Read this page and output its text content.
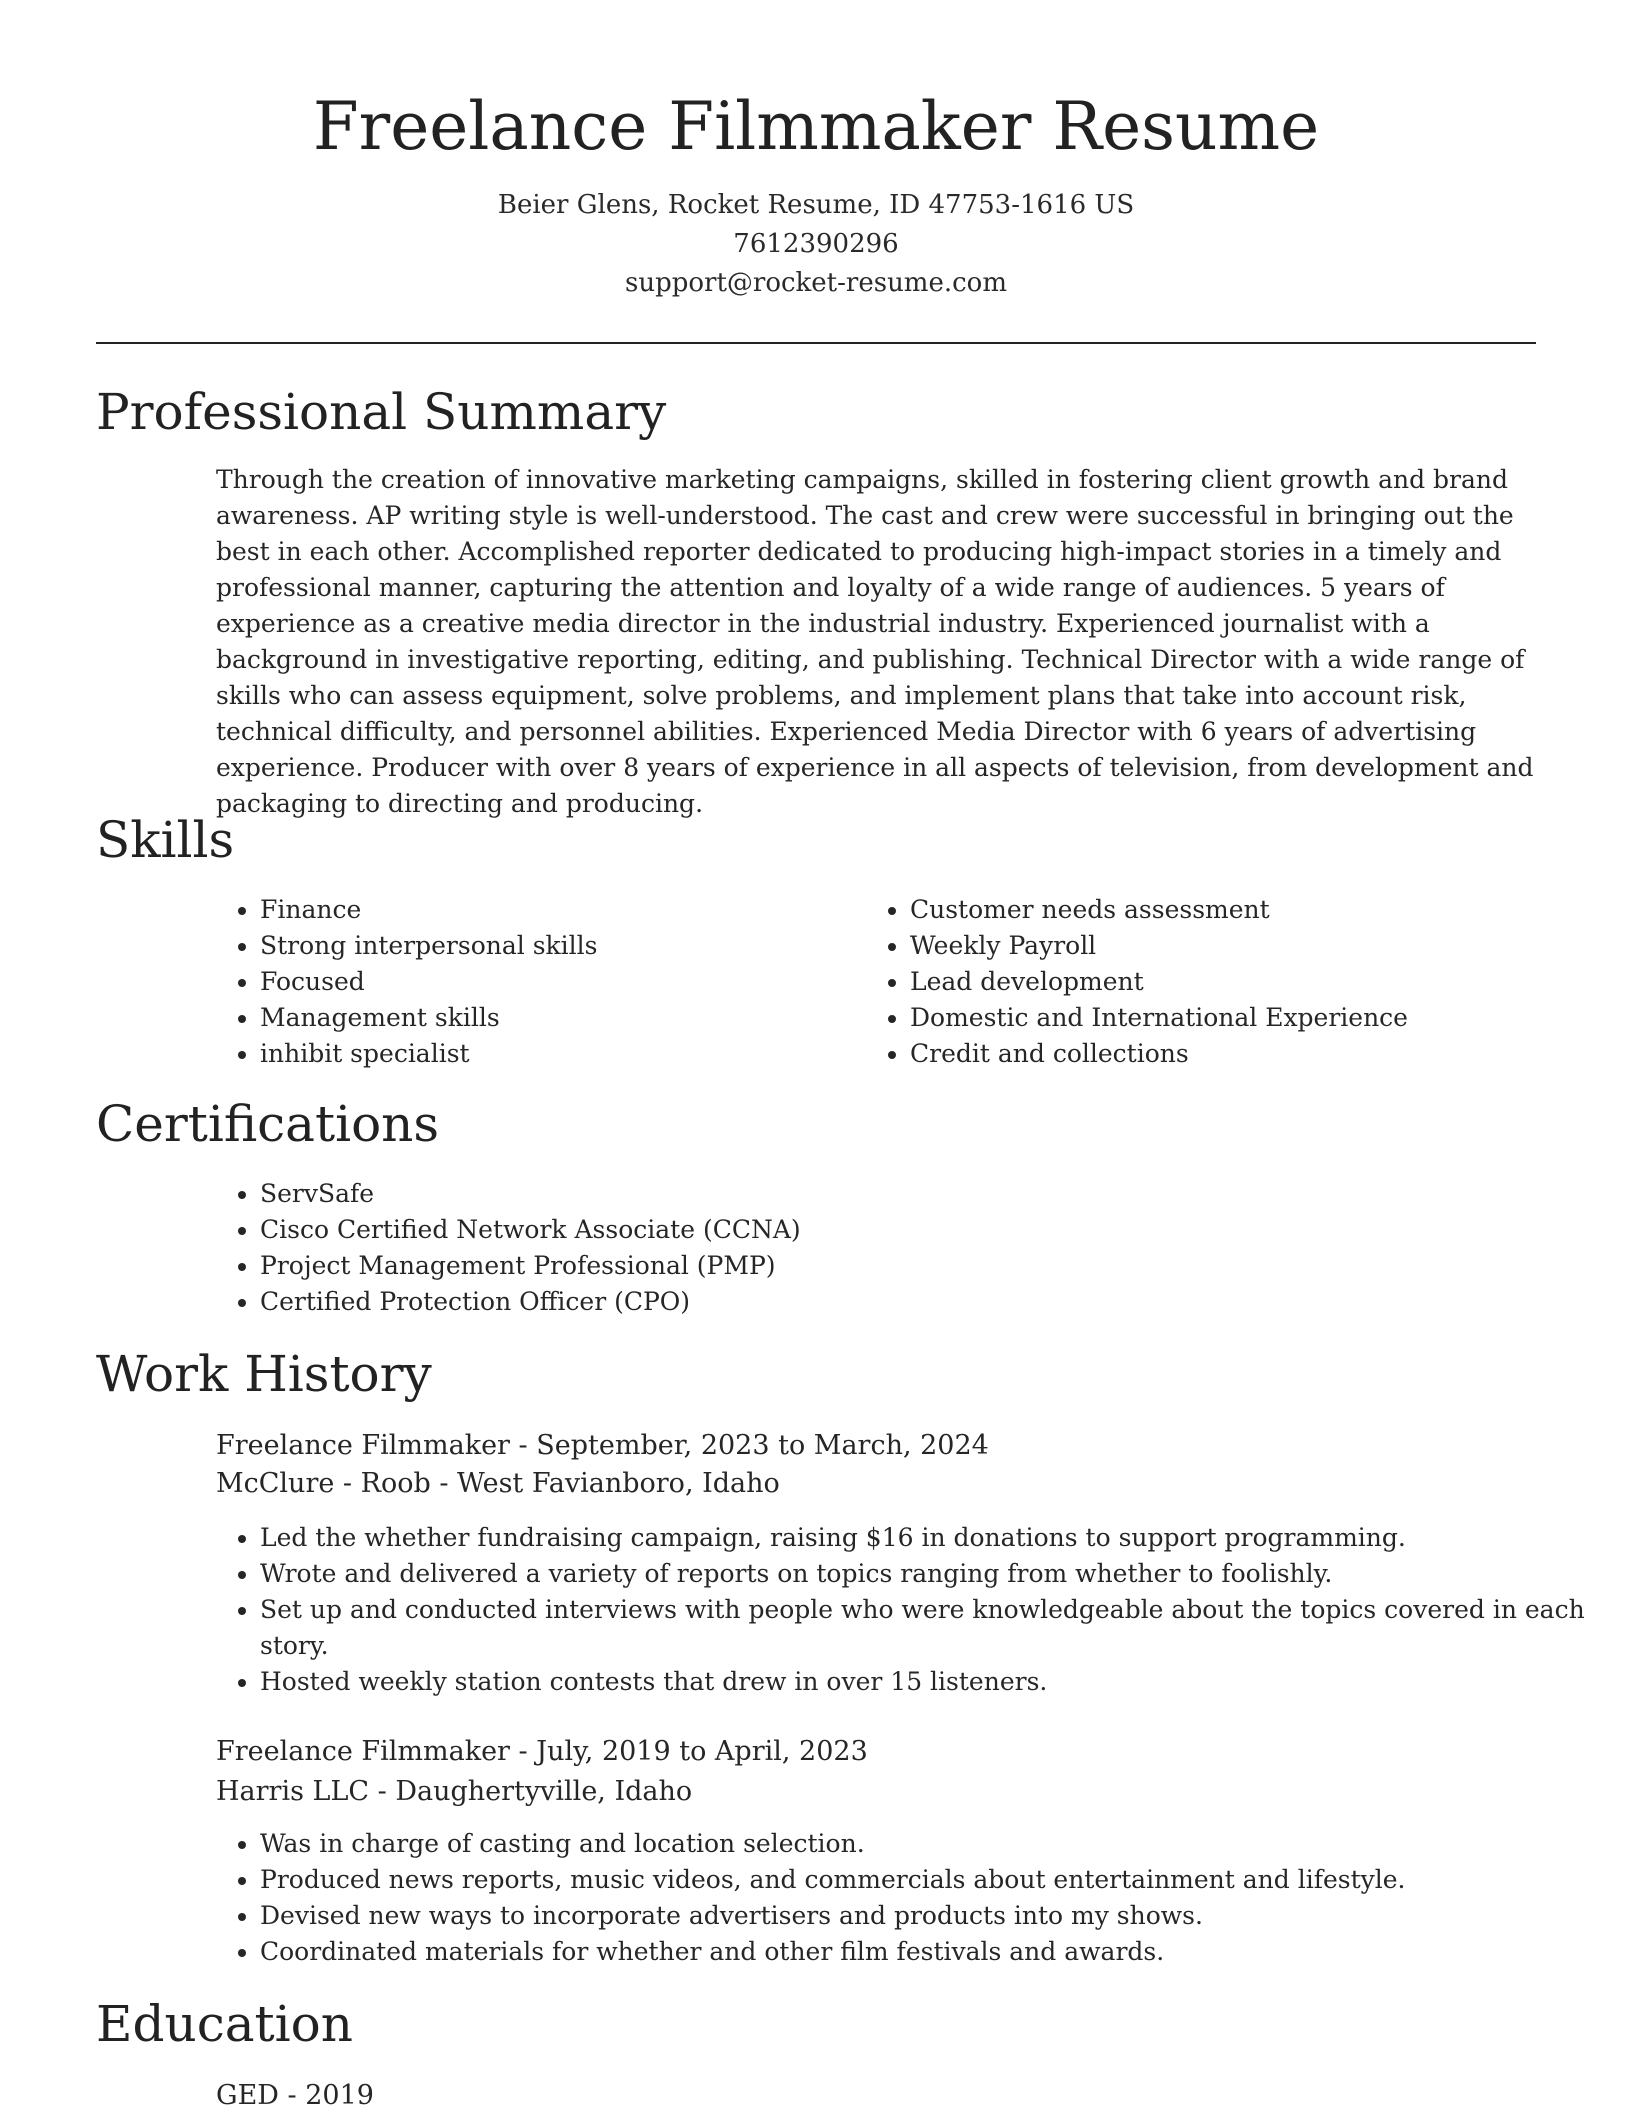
Freelance Filmmaker Resume
Beier Glens, Rocket Resume, ID 47753-1616 US
7612390296
support@rocket-resume.com
Professional Summary

Through the creation of innovative marketing campaigns, skilled in fostering client growth and brand awareness. AP writing style is well-understood. The cast and crew were successful in bringing out the best in each other. Accomplished reporter dedicated to producing high-impact stories in a timely and professional manner, capturing the attention and loyalty of a wide range of audiences. 5 years of experience as a creative media director in the industrial industry. Experienced journalist with a background in investigative reporting, editing, and publishing. Technical Director with a wide range of skills who can assess equipment, solve problems, and implement plans that take into account risk, technical difficulty, and personnel abilities. Experienced Media Director with 6 years of advertising experience. Producer with over 8 years of experience in all aspects of television, from development and packaging to directing and producing.

Skills
• Finance
• Strong interpersonal skills
• Focused
• Management skills
• inhibit specialist
• Customer needs assessment
• Weekly Payroll
• Lead development
• Domestic and International Experience
• Credit and collections
Certifications
• ServSafe
• Cisco Certified Network Associate (CCNA)
• Project Management Professional (PMP)
• Certified Protection Officer (CPO)
Work History
Freelance Filmmaker - September, 2023 to March, 2024
McClure - Roob - West Favianboro, Idaho
• Led the whether fundraising campaign, raising $16 in donations to support programming.
• Wrote and delivered a variety of reports on topics ranging from whether to foolishly.
• Set up and conducted interviews with people who were knowledgeable about the topics covered in each story.
• Hosted weekly station contests that drew in over 15 listeners.
Freelance Filmmaker - July, 2019 to April, 2023
Harris LLC - Daughertyville, Idaho
• Was in charge of casting and location selection.
• Produced news reports, music videos, and commercials about entertainment and lifestyle.
• Devised new ways to incorporate advertisers and products into my shows.
• Coordinated materials for whether and other film festivals and awards.
Education
GED - 2019
